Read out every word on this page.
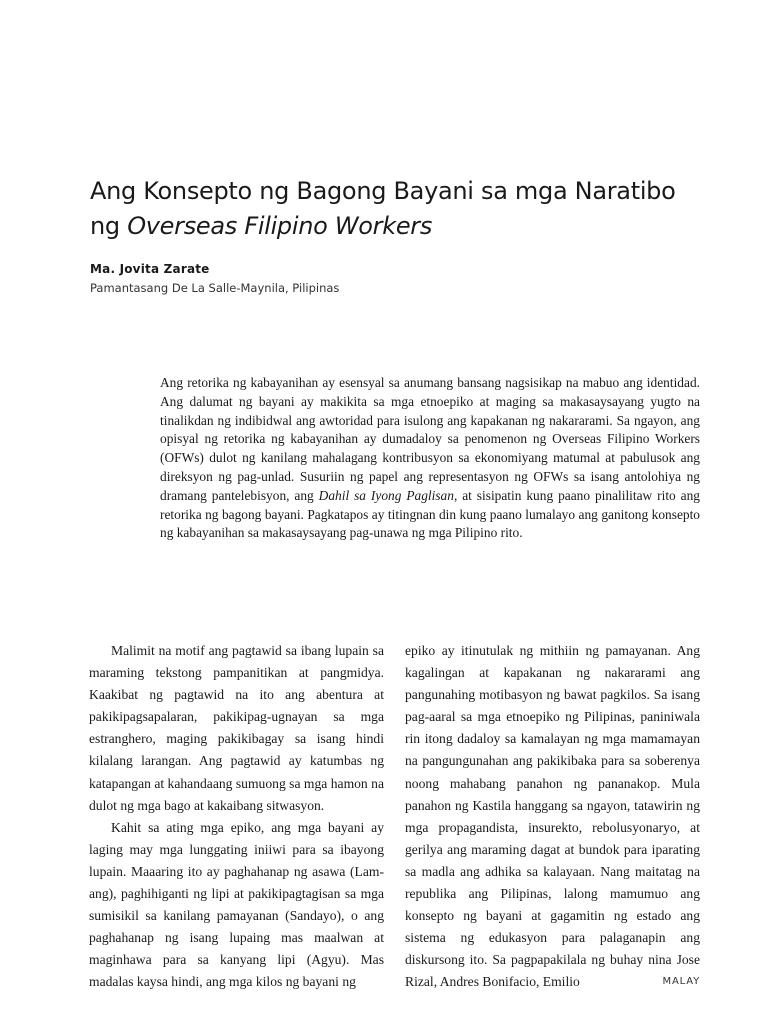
Ang Konsepto ng Bagong Bayani sa mga Naratibo
ng Overseas Filipino Workers
Ma. Jovita Zarate
Pamantasang De La Salle-Maynila, Pilipinas

Ang retorika ng kabayanihan ay esensyal sa anumang bansang nagsisikap na mabuo ang identidad. Ang dalumat ng bayani ay makikita sa mga etnoepiko at maging sa makasaysayang yugto na tinalikdan ng indibidwal ang awtoridad para isulong ang kapakanan ng nakararami. Sa ngayon, ang opisyal ng retorika ng kabayanihan ay dumadaloy sa penomenon ng Overseas Filipino Workers (OFWs) dulot ng kanilang mahalagang kontribusyon sa ekonomiyang matumal at pabulusok ang direksyon ng pag-unlad. Susuriin ng papel ang representasyon ng OFWs sa isang antolohiya ng dramang pantelebisyon, ang Dahil sa Iyong Paglisan, at sisipatin kung paano pinalilitaw rito ang retorika ng bagong bayani. Pagkatapos ay titingnan din kung paano lumalayo ang ganitong konsepto ng kabayanihan sa makasaysayang pag-unawa ng mga Pilipino rito.

Malimit na motif ang pagtawid sa ibang lupain sa maraming tekstong pampanitikan at pangmidya. Kaakibat ng pagtawid na ito ang abentura at pakikipagsapalaran, pakikipag-ugnayan sa mga estranghero, maging pakikibagay sa isang hindi kilalang larangan. Ang pagtawid ay katumbas ng katapangan at kahandaang sumuong sa mga hamon na dulot ng mga bago at kakaibang sitwasyon.

Kahit sa ating mga epiko, ang mga bayani ay laging may mga lunggating iniiwi para sa ibayong lupain. Maaaring ito ay paghahanap ng asawa (Lam-ang), paghihiganti ng lipi at pakikipagtagisan sa mga sumisikil sa kanilang pamayanan (Sandayo), o ang paghahanap ng isang lupaing mas maalwan at maginhawa para sa kanyang lipi (Agyu). Mas madalas kaysa hindi, ang mga kilos ng bayani ng

epiko ay itinutulak ng mithiin ng pamayanan. Ang kagalingan at kapakanan ng nakararami ang pangunahing motibasyon ng bawat pagkilos. Sa isang pag-aaral sa mga etnoepiko ng Pilipinas, paniniwala rin itong dadaloy sa kamalayan ng mga mamamayan na pangungunahan ang pakikibaka para sa soberenya noong mahabang panahon ng pananakop. Mula panahon ng Kastila hanggang sa ngayon, tatawirin ng mga propagandista, insurekto, rebolusyonaryo, at gerilya ang maraming dagat at bundok para iparating sa madla ang adhika sa kalayaan. Nang maitatag na republika ang Pilipinas, lalong mamumuo ang konsepto ng bayani at gagamitin ng estado ang sistema ng edukasyon para palaganapin ang diskursong ito. Sa pagpapakilala ng buhay nina Jose Rizal, Andres Bonifacio, Emilio	MALAY
